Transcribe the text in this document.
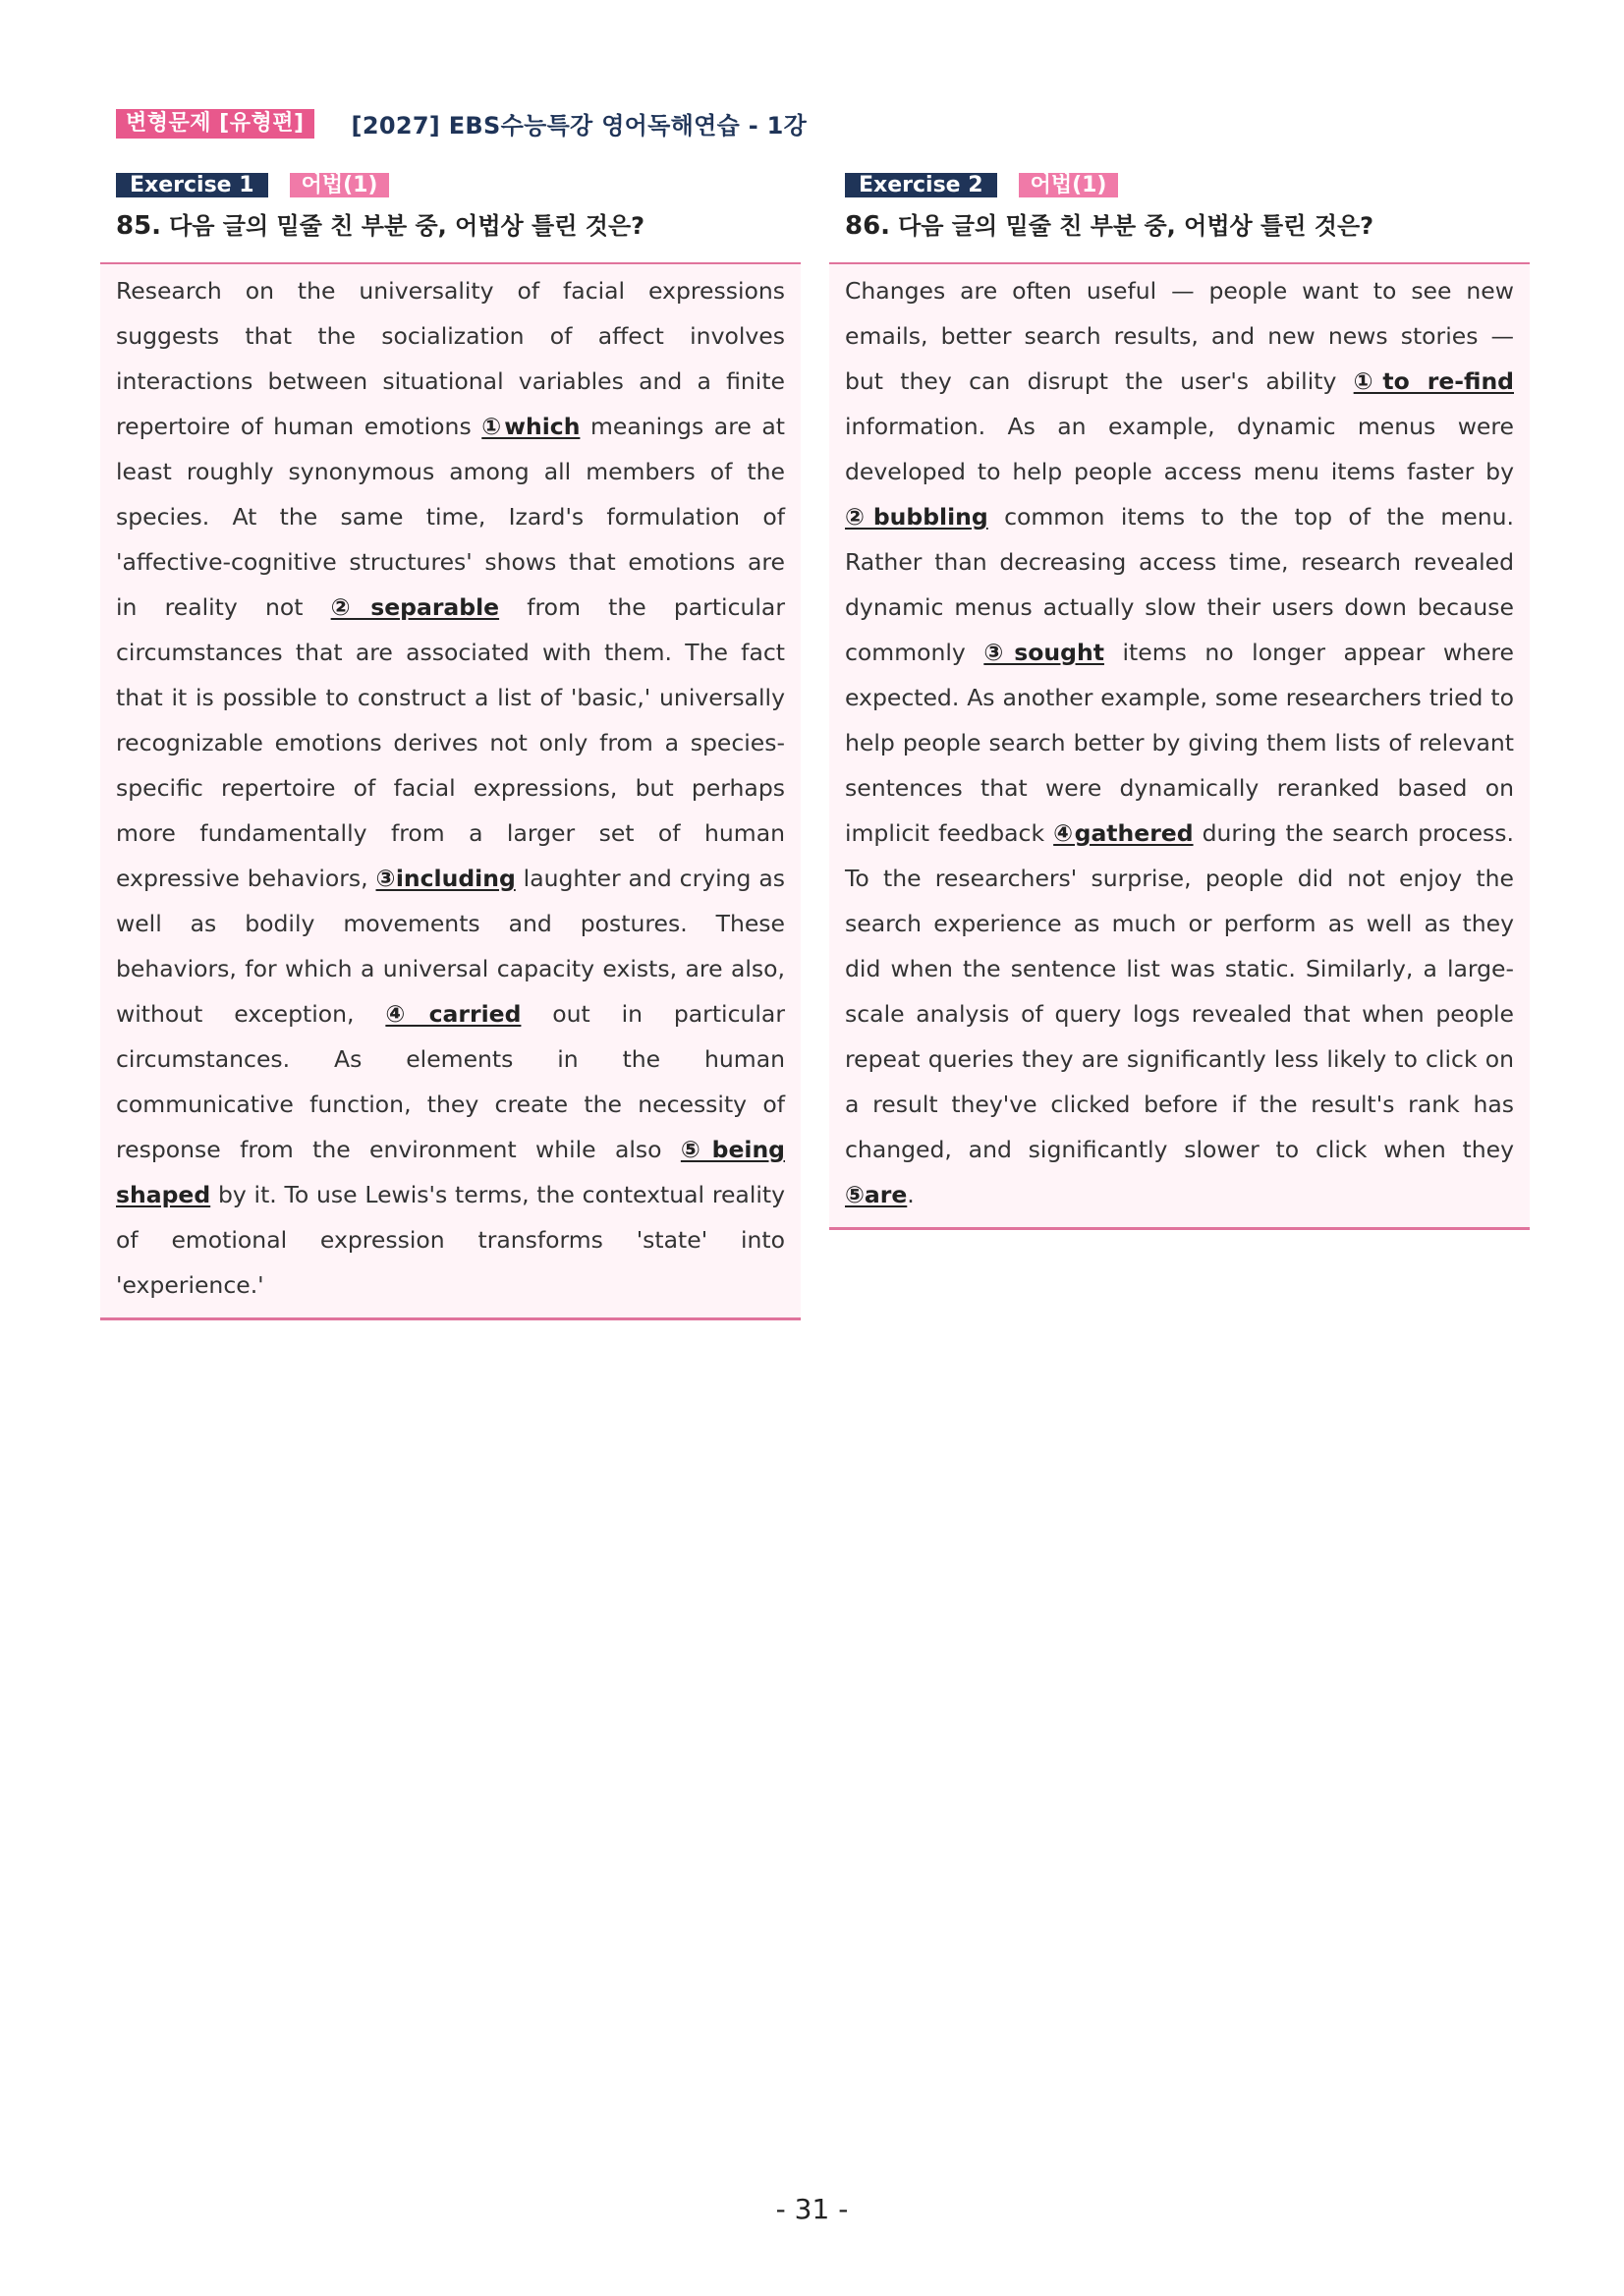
변형문제 [유형편]	[2027] EBS수능특강 영어독해연습 - 1강
Exercise 1	어법(1)
85. 다음 글의 밑줄 친 부분 중, 어법상 틀린 것은?

Research on the universality of facial expressions suggests that the socialization of affect involves interactions between situational variables and a finite repertoire of human emotions ①which meanings are at least roughly synonymous among all members of the species. At the same time, Izard's formulation of 'affective-cognitive structures' shows that emotions are in reality not ②separable from the particular circumstances that are associated with them. The fact that it is possible to construct a list of 'basic,' universally recognizable emotions derives not only from a species-specific repertoire of facial expressions, but perhaps more fundamentally from a larger set of human expressive behaviors, ③including laughter and crying as well as bodily movements and postures. These behaviors, for which a universal capacity exists, are also, without exception, ④carried out in particular circumstances. As elements in the human communicative function, they create the necessity of response from the environment while also ⑤being shaped by it. To use Lewis's terms, the contextual reality of emotional expression transforms 'state' into 'experience.'

Exercise 2	어법(1)
86. 다음 글의 밑줄 친 부분 중, 어법상 틀린 것은?

Changes are often useful — people want to see new emails, better search results, and new news stories — but they can disrupt the user's ability ①to re-find information. As an example, dynamic menus were developed to help people access menu items faster by ②bubbling common items to the top of the menu. Rather than decreasing access time, research revealed dynamic menus actually slow their users down because commonly ③sought items no longer appear where expected. As another example, some researchers tried to help people search better by giving them lists of relevant sentences that were dynamically reranked based on implicit feedback ④gathered during the search process. To the researchers' surprise, people did not enjoy the search experience as much or perform as well as they did when the sentence list was static. Similarly, a large-scale analysis of query logs revealed that when people repeat queries they are significantly less likely to click on a result they've clicked before if the result's rank has changed, and significantly slower to click when they ⑤are.

- 31 -
